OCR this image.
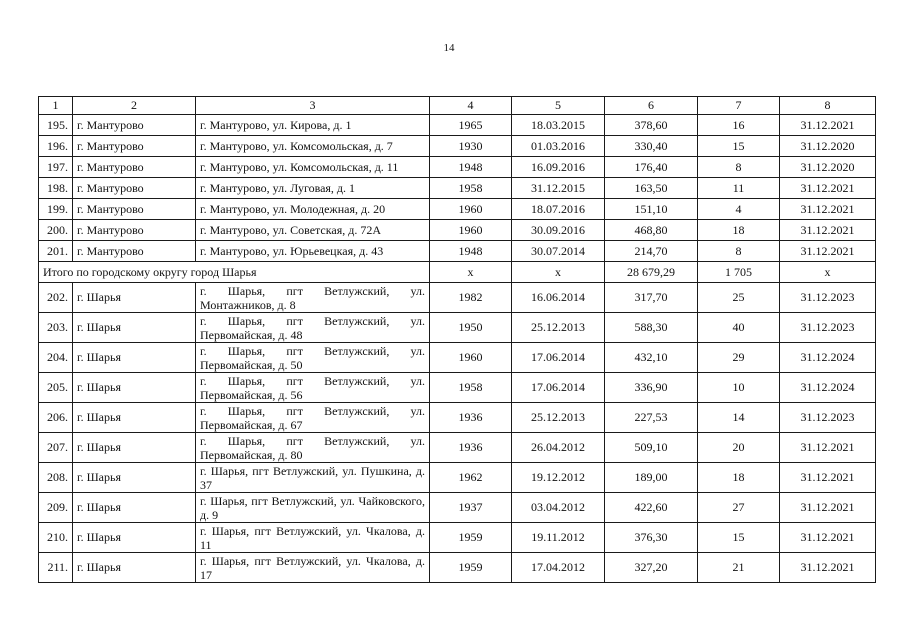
14
1	2	3	4	5	6	7	8
195.	г. Мантурово	г. Мантурово, ул. Кирова, д. 1	1965	18.03.2015	378,60	16	31.12.2021
196.	г. Мантурово	г. Мантурово, ул. Комсомольская, д. 7	1930	01.03.2016	330,40	15	31.12.2020
197.	г. Мантурово	г. Мантурово, ул. Комсомольская, д. 11	1948	16.09.2016	176,40	8	31.12.2020
198.	г. Мантурово	г. Мантурово, ул. Луговая, д. 1	1958	31.12.2015	163,50	11	31.12.2021
199.	г. Мантурово	г. Мантурово, ул. Молодежная, д. 20	1960	18.07.2016	151,10	4	31.12.2021
200.	г. Мантурово	г. Мантурово, ул. Советская, д. 72А	1960	30.09.2016	468,80	18	31.12.2021
201.	г. Мантурово	г. Мантурово, ул. Юрьевецкая, д. 43	1948	30.07.2014	214,70	8	31.12.2021
Итого по городскому округу город Шарья			х	х	28 679,29	1 705	х
202.	г. Шарья	г. Шарья, пгт Ветлужский, ул. Монтажников, д. 8	1982	16.06.2014	317,70	25	31.12.2023
203.	г. Шарья	г. Шарья, пгт Ветлужский, ул. Первомайская, д. 48	1950	25.12.2013	588,30	40	31.12.2023
204.	г. Шарья	г. Шарья, пгт Ветлужский, ул. Первомайская, д. 50	1960	17.06.2014	432,10	29	31.12.2024
205.	г. Шарья	г. Шарья, пгт Ветлужский, ул. Первомайская, д. 56	1958	17.06.2014	336,90	10	31.12.2024
206.	г. Шарья	г. Шарья, пгт Ветлужский, ул. Первомайская, д. 67	1936	25.12.2013	227,53	14	31.12.2023
207.	г. Шарья	г. Шарья, пгт Ветлужский, ул. Первомайская, д. 80	1936	26.04.2012	509,10	20	31.12.2021
208.	г. Шарья	г. Шарья, пгт Ветлужский, ул. Пушкина, д. 37	1962	19.12.2012	189,00	18	31.12.2021
209.	г. Шарья	г. Шарья, пгт Ветлужский, ул. Чайковского, д. 9	1937	03.04.2012	422,60	27	31.12.2021
210.	г. Шарья	г. Шарья, пгт Ветлужский, ул. Чкалова, д. 11	1959	19.11.2012	376,30	15	31.12.2021
211.	г. Шарья	г. Шарья, пгт Ветлужский, ул. Чкалова, д. 17	1959	17.04.2012	327,20	21	31.12.2021
